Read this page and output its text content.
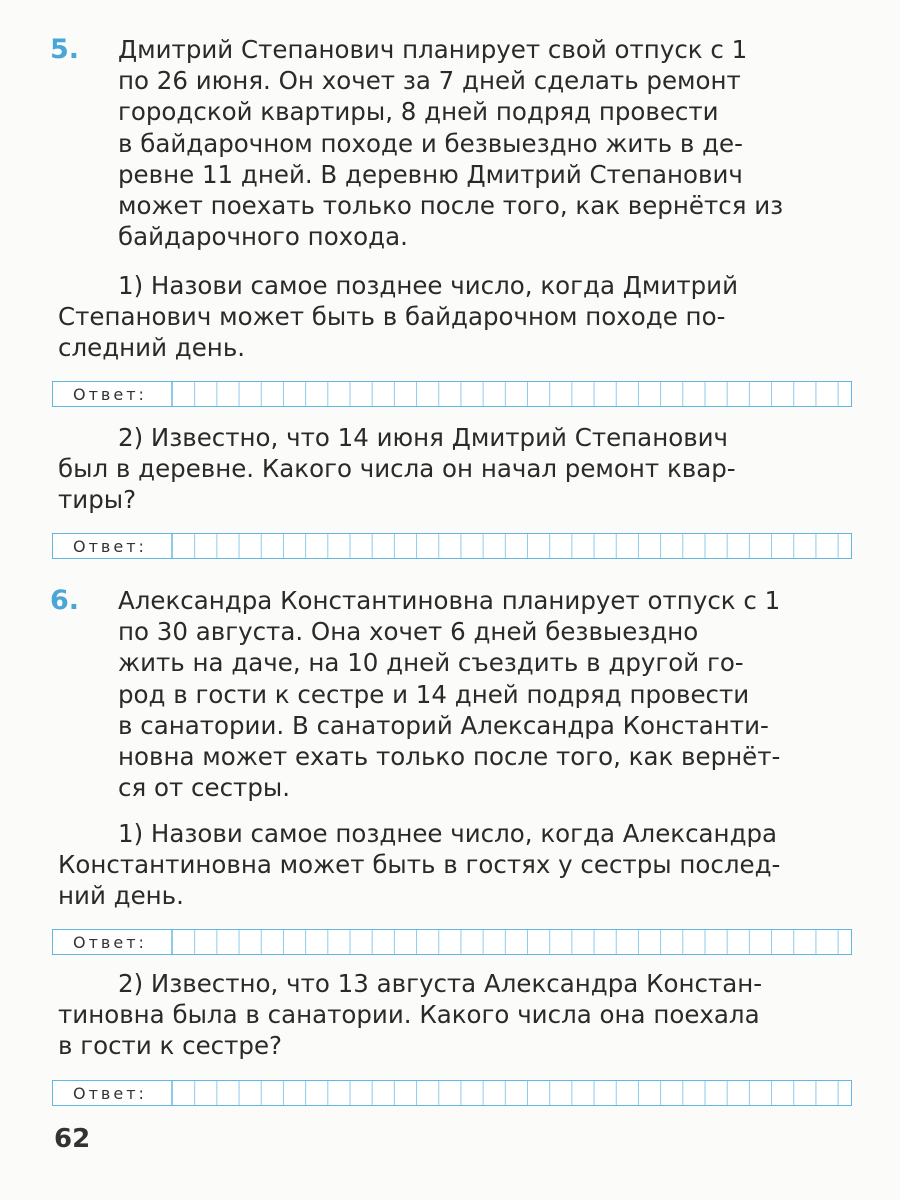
5. Дмитрий Степанович планирует свой отпуск с 1
по 26 июня. Он хочет за 7 дней сделать ремонт
городской квартиры, 8 дней подряд провести
в байдарочном походе и безвыездно жить в де-
ревне 11 дней. В деревню Дмитрий Степанович
может поехать только после того, как вернётся из
байдарочного похода.
1) Назови самое позднее число, когда Дмитрий
Степанович может быть в байдарочном походе по-
следний день.
Ответ:
2) Известно, что 14 июня Дмитрий Степанович
был в деревне. Какого числа он начал ремонт квар-
тиры?
Ответ:
6. Александра Константиновна планирует отпуск с 1
по 30 августа. Она хочет 6 дней безвыездно
жить на даче, на 10 дней съездить в другой го-
род в гости к сестре и 14 дней подряд провести
в санатории. В санаторий Александра Константи-
новна может ехать только после того, как вернёт-
ся от сестры.
1) Назови самое позднее число, когда Александра
Константиновна может быть в гостях у сестры послед-
ний день.
Ответ:
2) Известно, что 13 августа Александра Констан-
тиновна была в санатории. Какого числа она поехала
в гости к сестре?
Ответ:
62
